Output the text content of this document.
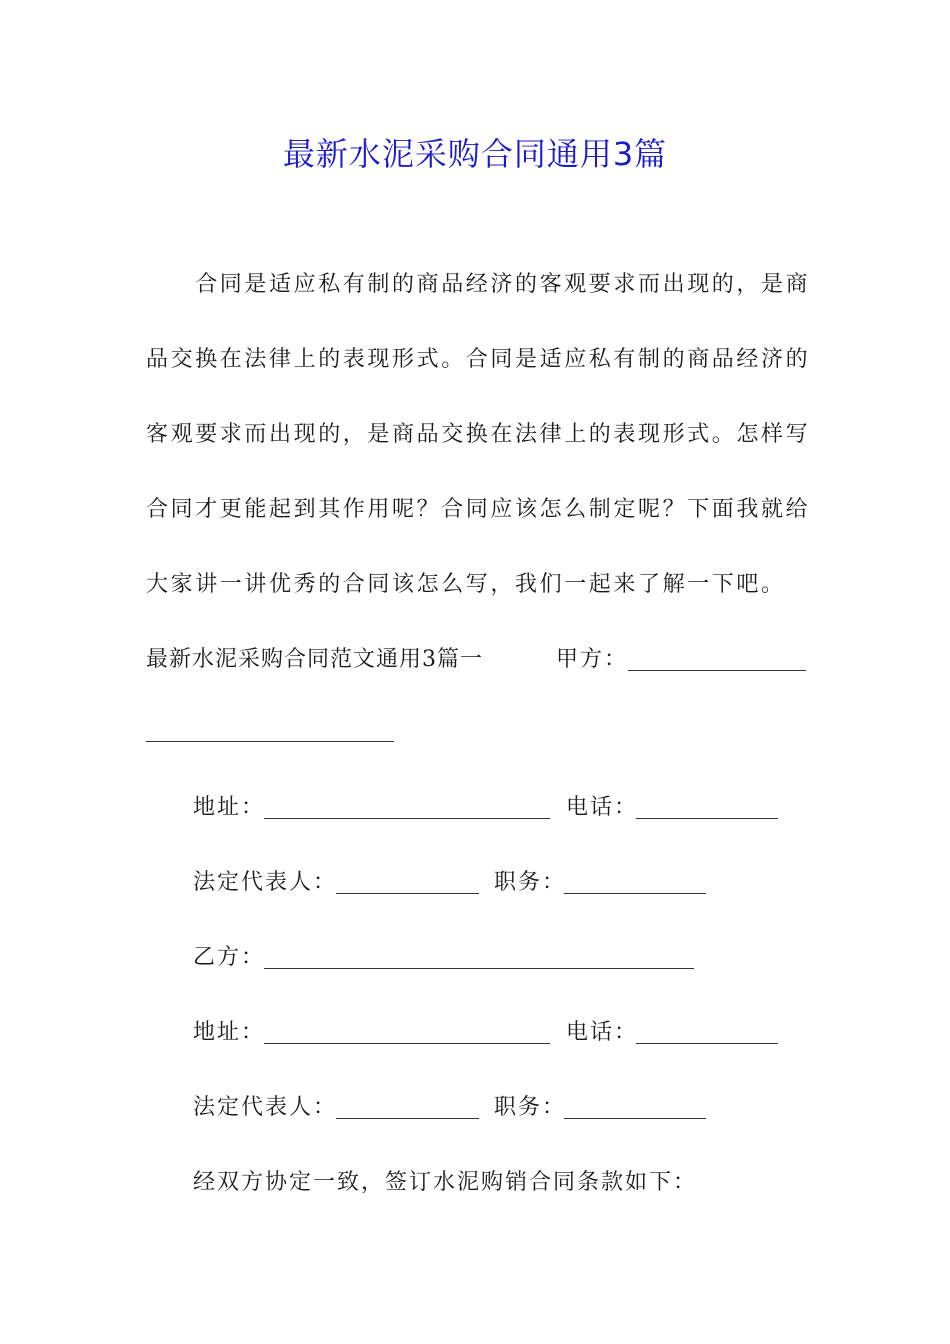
最新水泥采购合同通用3篇
　　合同是适应私有制的商品经济的客观要求而出现的，是商
品交换在法律上的表现形式。合同是适应私有制的商品经济的
客观要求而出现的，是商品交换在法律上的表现形式。怎样写
合同才更能起到其作用呢？合同应该怎么制定呢？下面我就给
大家讲一讲优秀的合同该怎么写，我们一起来了解一下吧。
最新水泥采购合同范文通用3篇一	甲方：
地址：	电话：
法定代表人：	职务：
乙方：
地址：	电话：
法定代表人：	职务：
经双方协定一致，签订水泥购销合同条款如下：
